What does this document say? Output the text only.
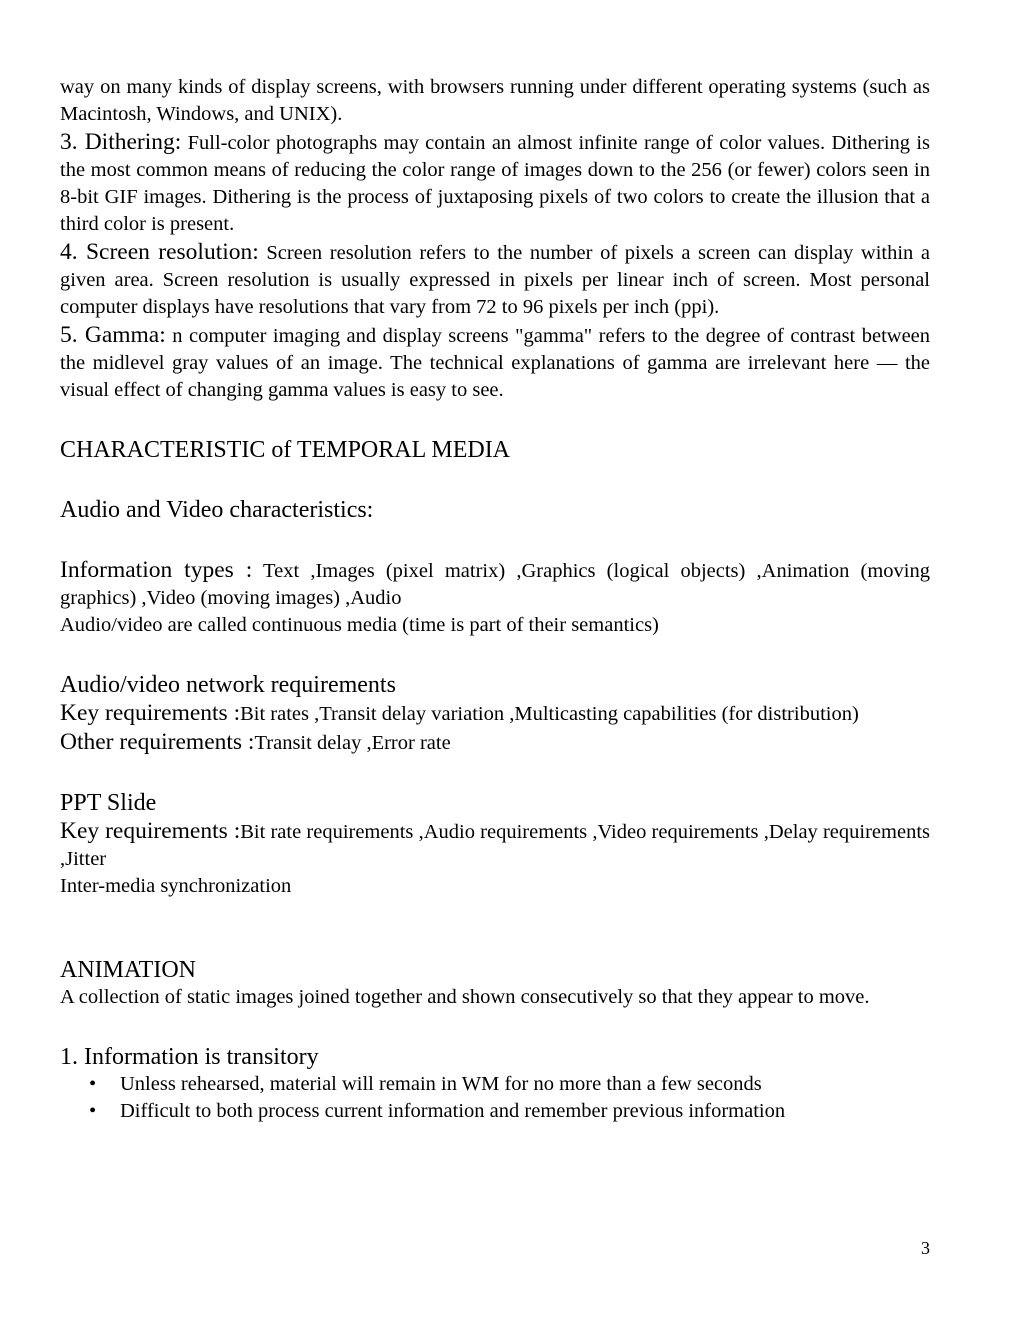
way on many kinds of display screens, with browsers running under different operating systems (such as Macintosh, Windows, and UNIX).

3. Dithering: Full-color photographs may contain an almost infinite range of color values. Dithering is the most common means of reducing the color range of images down to the 256 (or fewer) colors seen in 8-bit GIF images. Dithering is the process of juxtaposing pixels of two colors to create the illusion that a third color is present.

4. Screen resolution: Screen resolution refers to the number of pixels a screen can display within a given area. Screen resolution is usually expressed in pixels per linear inch of screen. Most personal computer displays have resolutions that vary from 72 to 96 pixels per inch (ppi).

5. Gamma: n computer imaging and display screens "gamma" refers to the degree of contrast between the midlevel gray values of an image. The technical explanations of gamma are irrelevant here — the visual effect of changing gamma values is easy to see.

CHARACTERISTIC of TEMPORAL MEDIA
Audio and Video characteristics:

Information types : Text ,Images (pixel matrix) ,Graphics (logical objects) ,Animation (moving graphics) ,Video (moving images) ,Audio

Audio/video are called continuous media (time is part of their semantics)

Audio/video network requirements

Key requirements :Bit rates ,Transit delay variation ,Multicasting capabilities (for distribution)

Other requirements :Transit delay ,Error rate

PPT Slide

Key requirements :Bit rate requirements ,Audio requirements ,Video requirements ,Delay requirements ,Jitter

Inter-media synchronization

ANIMATION

A collection of static images joined together and shown consecutively so that they appear to move.

1. Information is transitory
• Unless rehearsed, material will remain in WM for no more than a few seconds
• Difficult to both process current information and remember previous information
3
